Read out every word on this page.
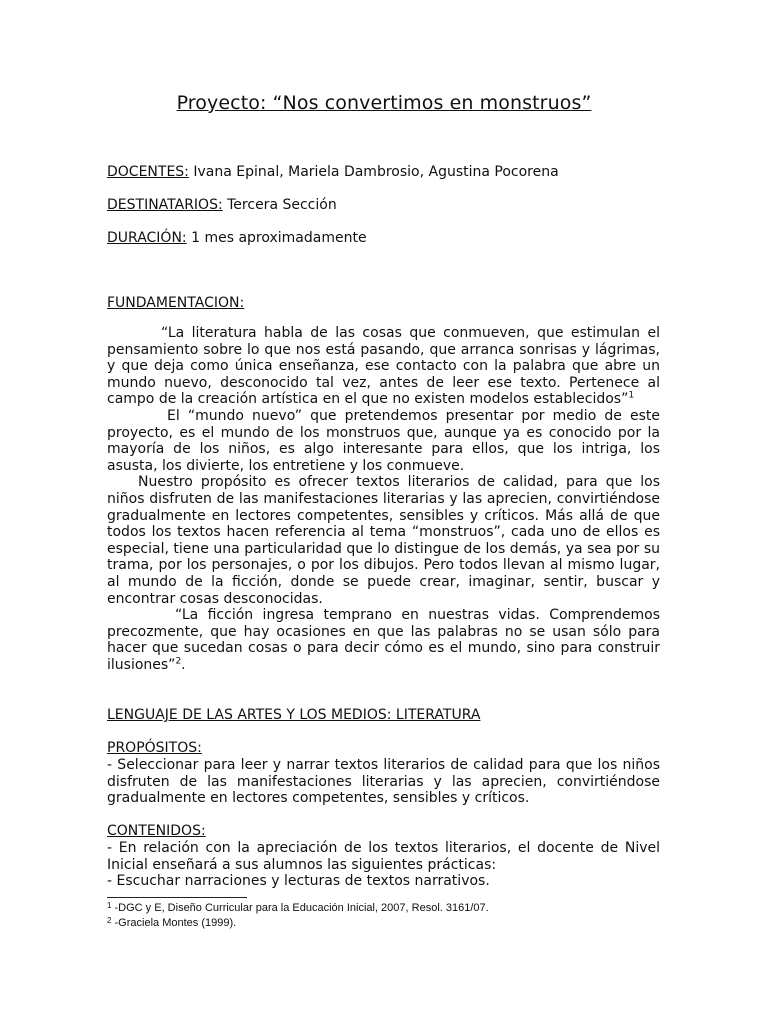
Proyecto: “Nos convertimos en monstruos”
DOCENTES: Ivana Epinal, Mariela Dambrosio, Agustina Pocorena
DESTINATARIOS: Tercera Sección
DURACIÓN: 1 mes aproximadamente
FUNDAMENTACION:

“La literatura habla de las cosas que conmueven, que estimulan el pensamiento sobre lo que nos está pasando, que arranca sonrisas y lágrimas, y que deja como única enseñanza, ese contacto con la palabra que abre un mundo nuevo, desconocido tal vez, antes de leer ese texto. Pertenece al campo de la creación artística en el que no existen modelos establecidos”$^1$

El “mundo nuevo” que pretendemos presentar por medio de este proyecto, es el mundo de los monstruos que, aunque ya es conocido por la mayoría de los niños, es algo interesante para ellos, que los intriga, los asusta, los divierte, los entretiene y los conmueve.

Nuestro propósito es ofrecer textos literarios de calidad, para que los niños disfruten de las manifestaciones literarias y las aprecien, convirtiéndose gradualmente en lectores competentes, sensibles y críticos. Más allá de que todos los textos hacen referencia al tema “monstruos”, cada uno de ellos es especial, tiene una particularidad que lo distingue de los demás, ya sea por su trama, por los personajes, o por los dibujos. Pero todos llevan al mismo lugar, al mundo de la ficción, donde se puede crear, imaginar, sentir, buscar y encontrar cosas desconocidas.

“La ficción ingresa temprano en nuestras vidas. Comprendemos precozmente, que hay ocasiones en que las palabras no se usan sólo para hacer que sucedan cosas o para decir cómo es el mundo, sino para construir ilusiones”$^2$.

LENGUAJE DE LAS ARTES Y LOS MEDIOS: LITERATURA
PROPÓSITOS:

- Seleccionar para leer y narrar textos literarios de calidad para que los niños disfruten de las manifestaciones literarias y las aprecien, convirtiéndose gradualmente en lectores competentes, sensibles y críticos.

CONTENIDOS:

- En relación con la apreciación de los textos literarios, el docente de Nivel Inicial enseñará a sus alumnos las siguientes prácticas:

- Escuchar narraciones y lecturas de textos narrativos.

$^1$ -DGC y E, Diseño Curricular para la Educación Inicial, 2007, Resol. 3161/07.
$^2$ -Graciela Montes (1999).
